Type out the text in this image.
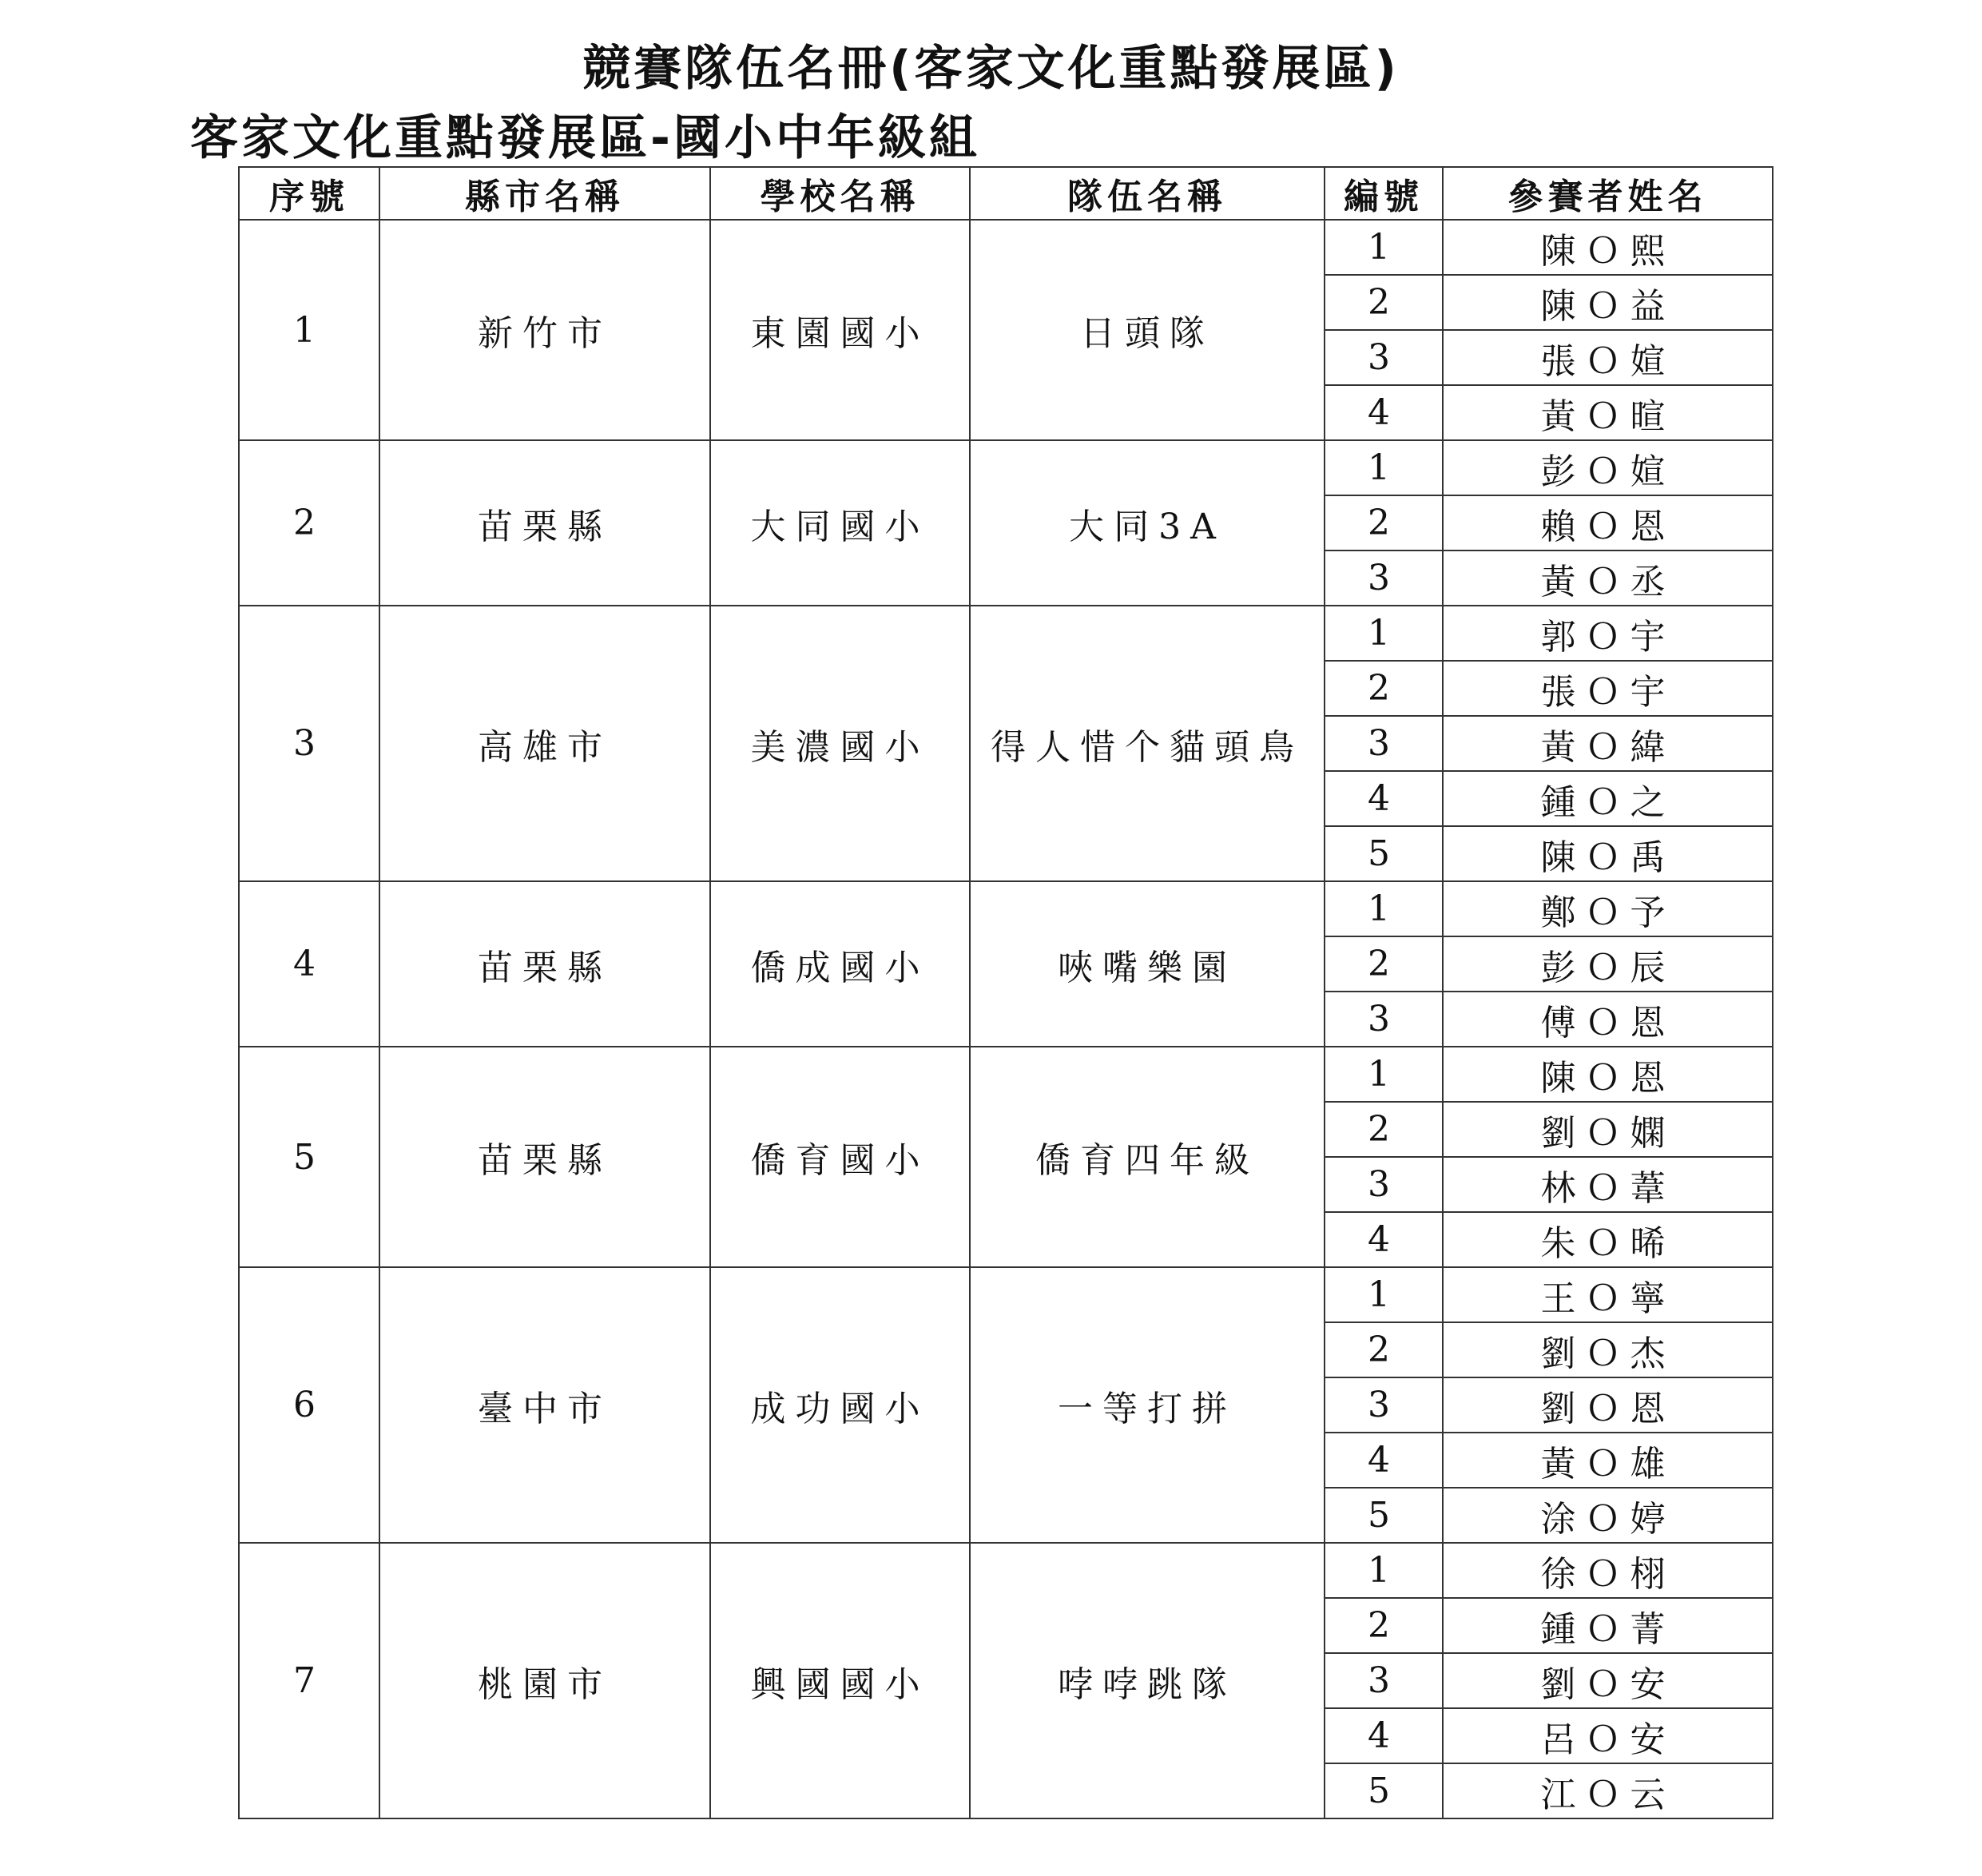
競賽隊伍名冊(客家文化重點發展區)
客家文化重點發展區-國小中年級組
序號	縣市名稱	學校名稱	隊伍名稱	編號	參賽者姓名
1	新竹市	東園國小	日頭隊	1	陳Ｏ熙
				2	陳Ｏ益
				3	張Ｏ媗
				4	黃Ｏ暄
2	苗栗縣	大同國小	大同3A	1	彭Ｏ媗
				2	賴Ｏ恩
				3	黃Ｏ丞
3	高雄市	美濃國小	得人惜个貓頭鳥	1	郭Ｏ宇
				2	張Ｏ宇
				3	黃Ｏ緯
				4	鍾Ｏ之
				5	陳Ｏ禹
4	苗栗縣	僑成國小	唊嘴樂園	1	鄭Ｏ予
				2	彭Ｏ辰
				3	傅Ｏ恩
5	苗栗縣	僑育國小	僑育四年級	1	陳Ｏ恩
				2	劉Ｏ嫻
				3	林Ｏ葦
				4	朱Ｏ晞
6	臺中市	成功國小	一等打拼	1	王Ｏ寧
				2	劉Ｏ杰
				3	劉Ｏ恩
				4	黃Ｏ雄
				5	涂Ｏ婷
7	桃園市	興國國小	哱哱跳隊	1	徐Ｏ栩
				2	鍾Ｏ菁
				3	劉Ｏ安
				4	呂Ｏ安
				5	江Ｏ云
